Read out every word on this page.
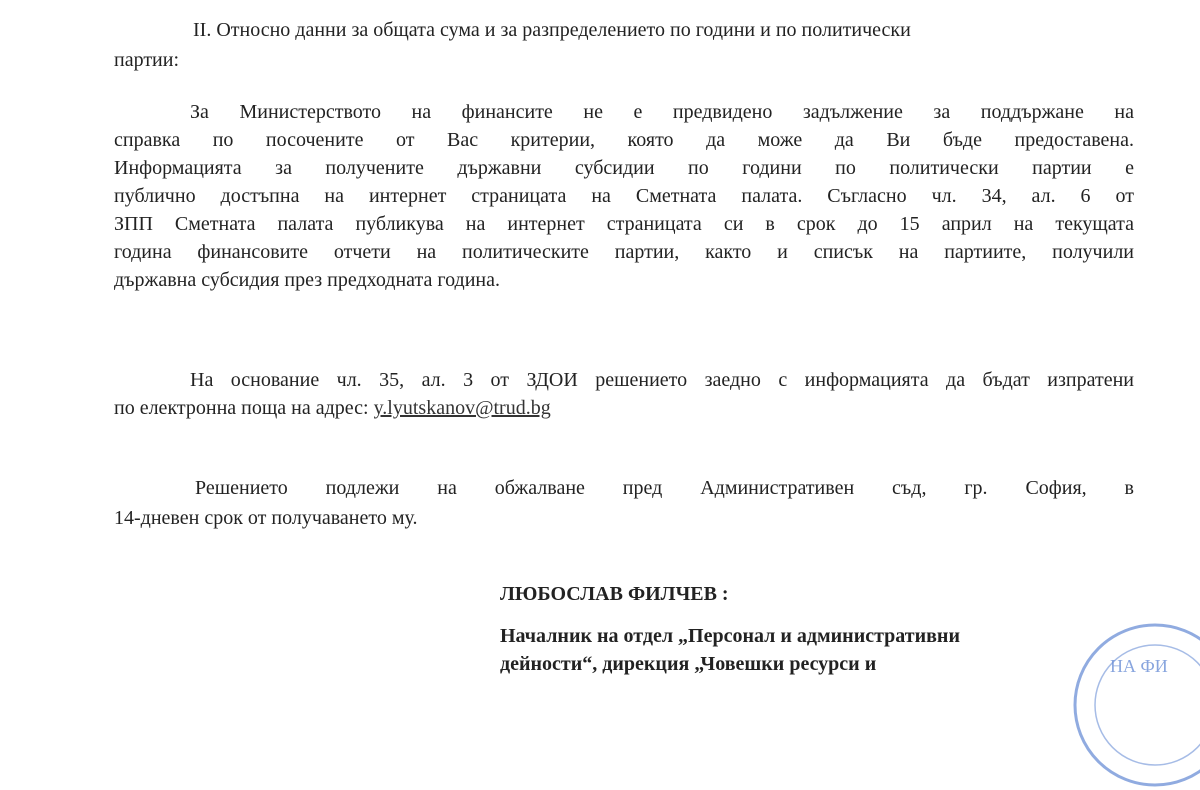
II. Относно данни за общата сума и за разпределението по години и по политически
партии:
За Министерството на финансите не е предвидено задължение за поддържане на
справка по посочените от Вас критерии, която да може да Ви бъде предоставена.
Информацията за получените държавни субсидии по години по политически партии е
публично достъпна на интернет страницата на Сметната палата. Съгласно чл. 34, ал. 6 от
ЗПП Сметната палата публикува на интернет страницата си в срок до 15 април на текущата
година финансовите отчети на политическите партии, както и списък на партиите, получили
държавна субсидия през предходната година.
На основание чл. 35, ал. 3 от ЗДОИ решението заедно с информацията да бъдат изпратени
по електронна поща на адрес: y.lyutskanov@trud.bg
Решението подлежи на обжалване пред Административен съд, гр. София, в
14-дневен срок от получаването му.
ЛЮБОСЛАВ ФИЛЧЕВ :
Началник на отдел „Персонал и административни
дейности“, дирекция „Човешки ресурси и	НА ФИ
